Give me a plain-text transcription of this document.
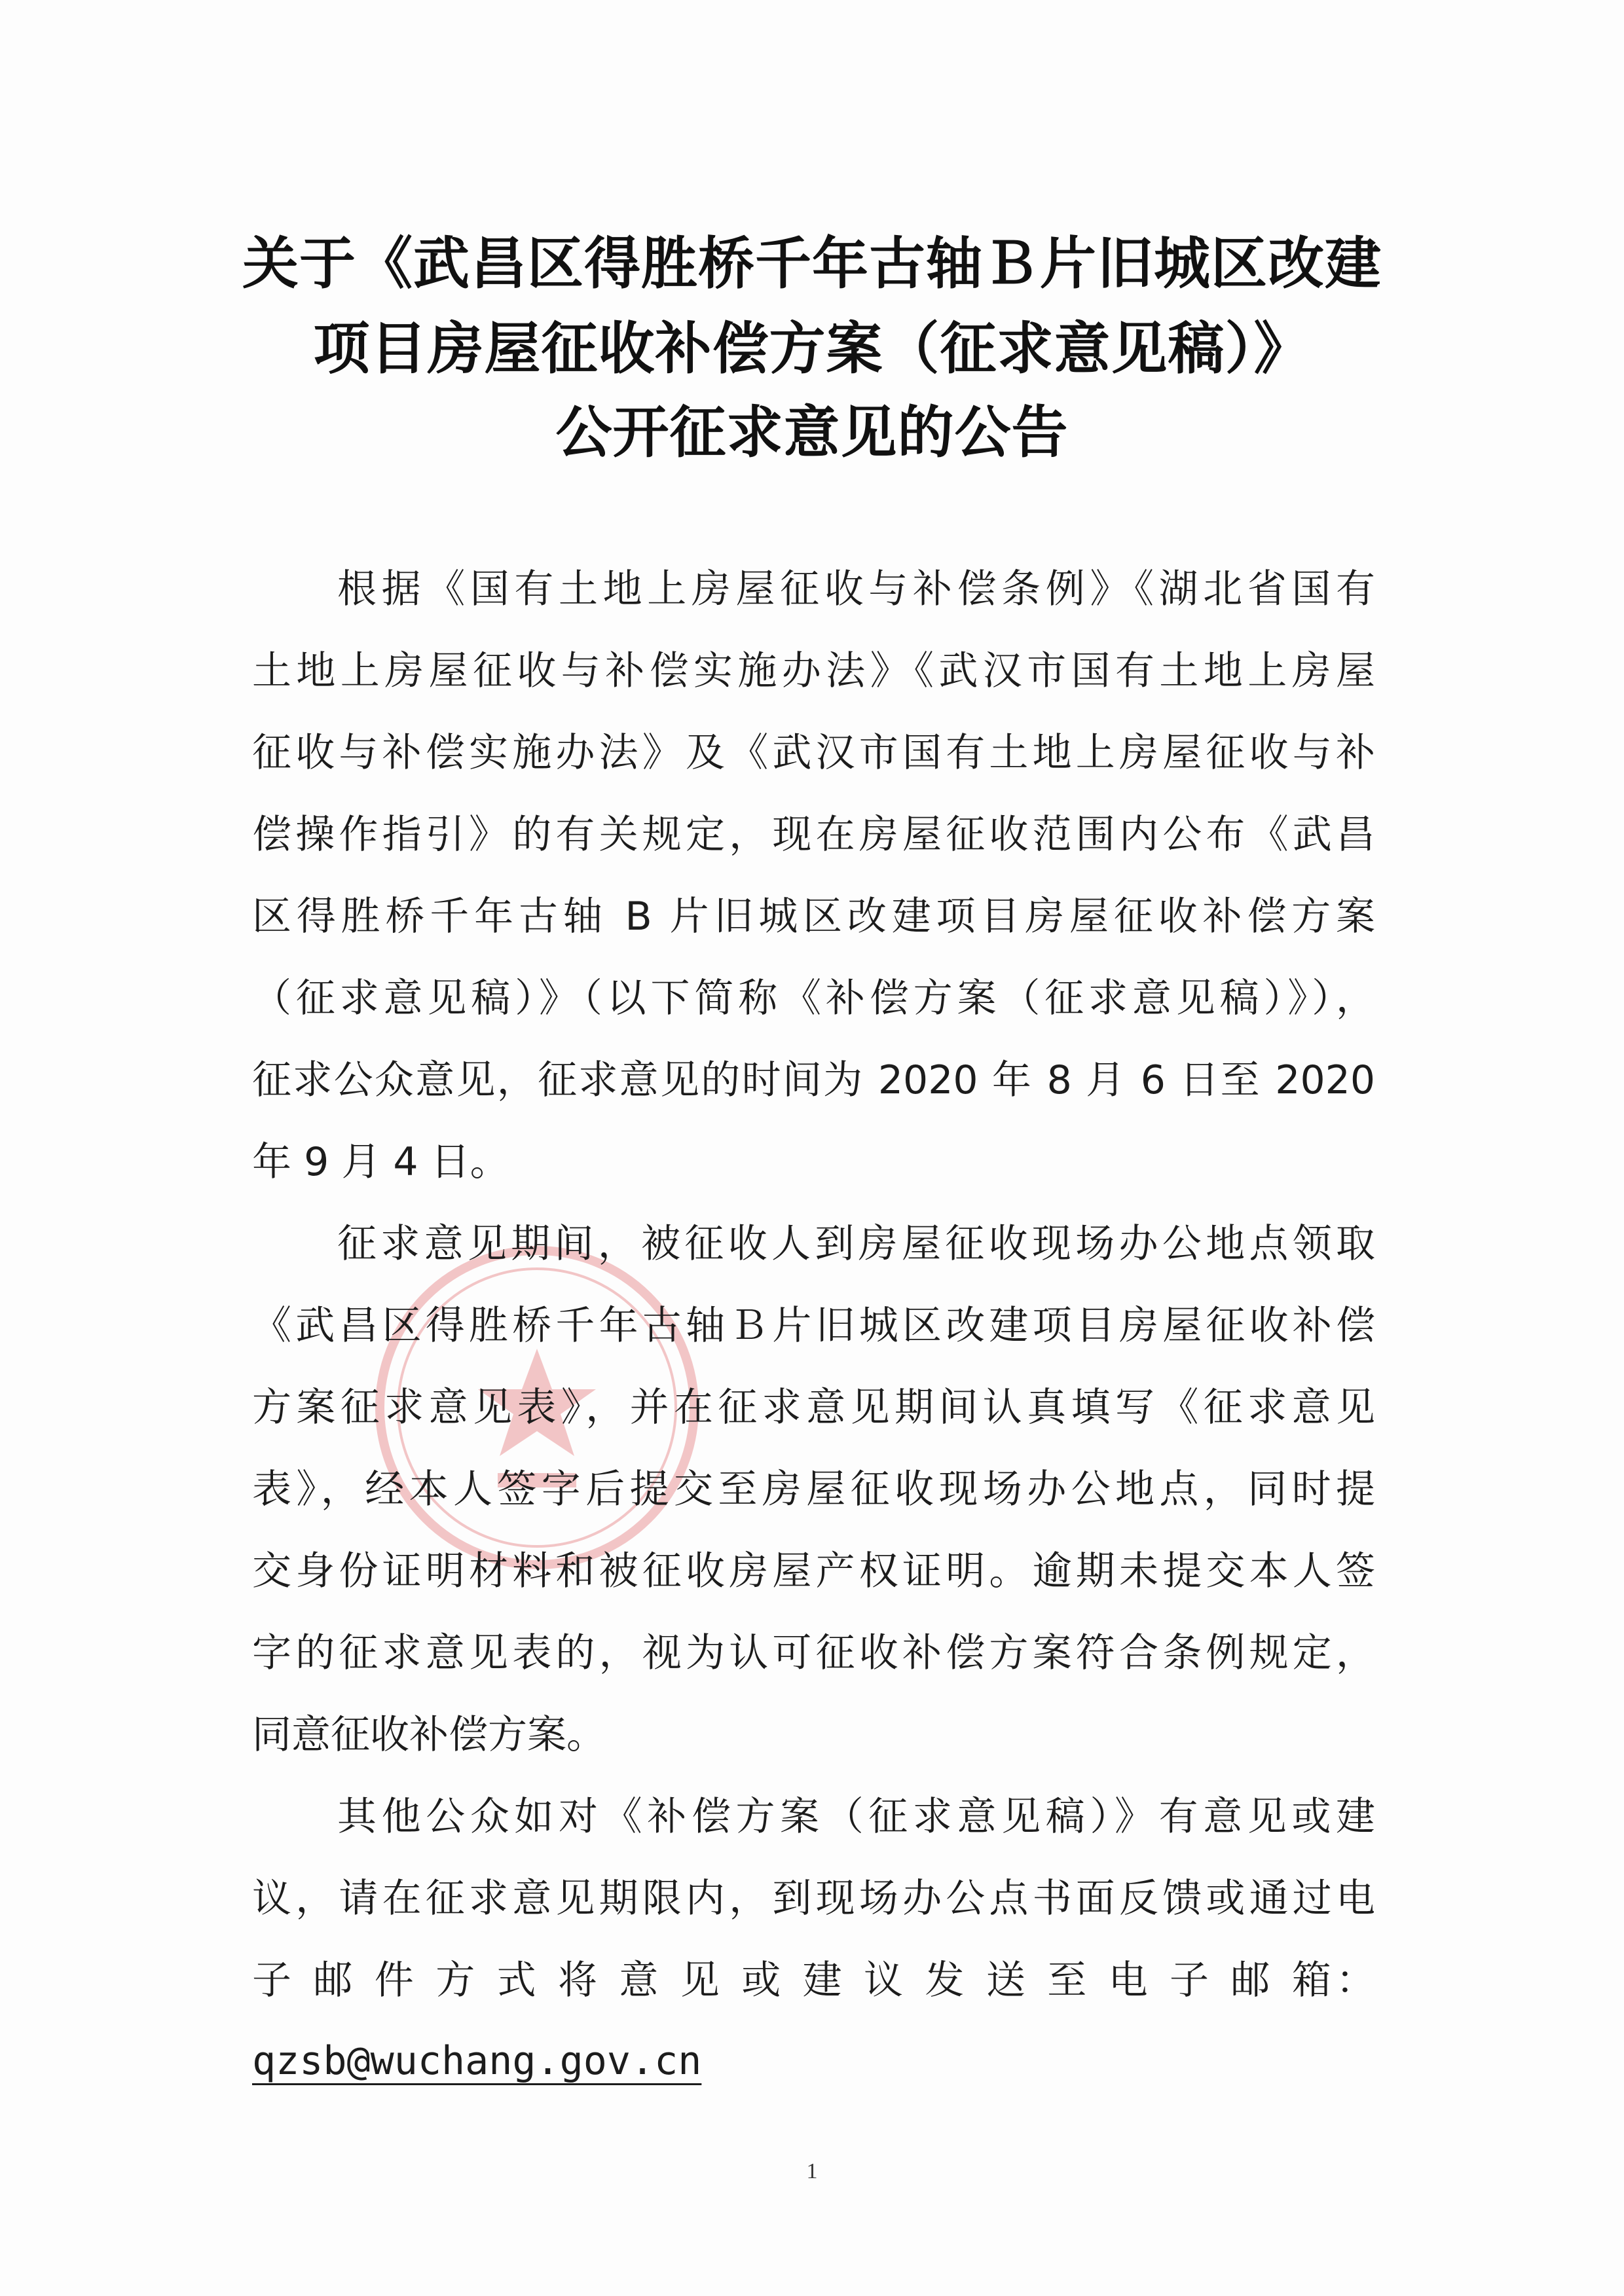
关于《武昌区得胜桥千年古轴Ｂ片旧城区改建
项目房屋征收补偿方案（征求意见稿）》
公开征求意见的公告
根据《国有土地上房屋征收与补偿条例》《湖北省国有
土地上房屋征收与补偿实施办法》《武汉市国有土地上房屋
征收与补偿实施办法》及《武汉市国有土地上房屋征收与补
偿操作指引》的有关规定，现在房屋征收范围内公布《武昌
区得胜桥千年古轴 B 片旧城区改建项目房屋征收补偿方案
（征求意见稿）》（以下简称《补偿方案（征求意见稿）》），
征求公众意见，征求意见的时间为 2020 年 8 月 6 日至 2020
年 9 月 4 日。
征求意见期间，被征收人到房屋征收现场办公地点领取
《武昌区得胜桥千年古轴Ｂ片旧城区改建项目房屋征收补偿
方案征求意见表》，并在征求意见期间认真填写《征求意见
表》，经本人签字后提交至房屋征收现场办公地点，同时提
交身份证明材料和被征收房屋产权证明。逾期未提交本人签
字的征求意见表的，视为认可征收补偿方案符合条例规定，
同意征收补偿方案。
其他公众如对《补偿方案（征求意见稿）》有意见或建
议，请在征求意见期限内，到现场办公点书面反馈或通过电
子 邮 件 方 式 将 意 见 或 建 议 发 送 至 电 子 邮 箱：
qzsb@wuchang.gov.cn
1
